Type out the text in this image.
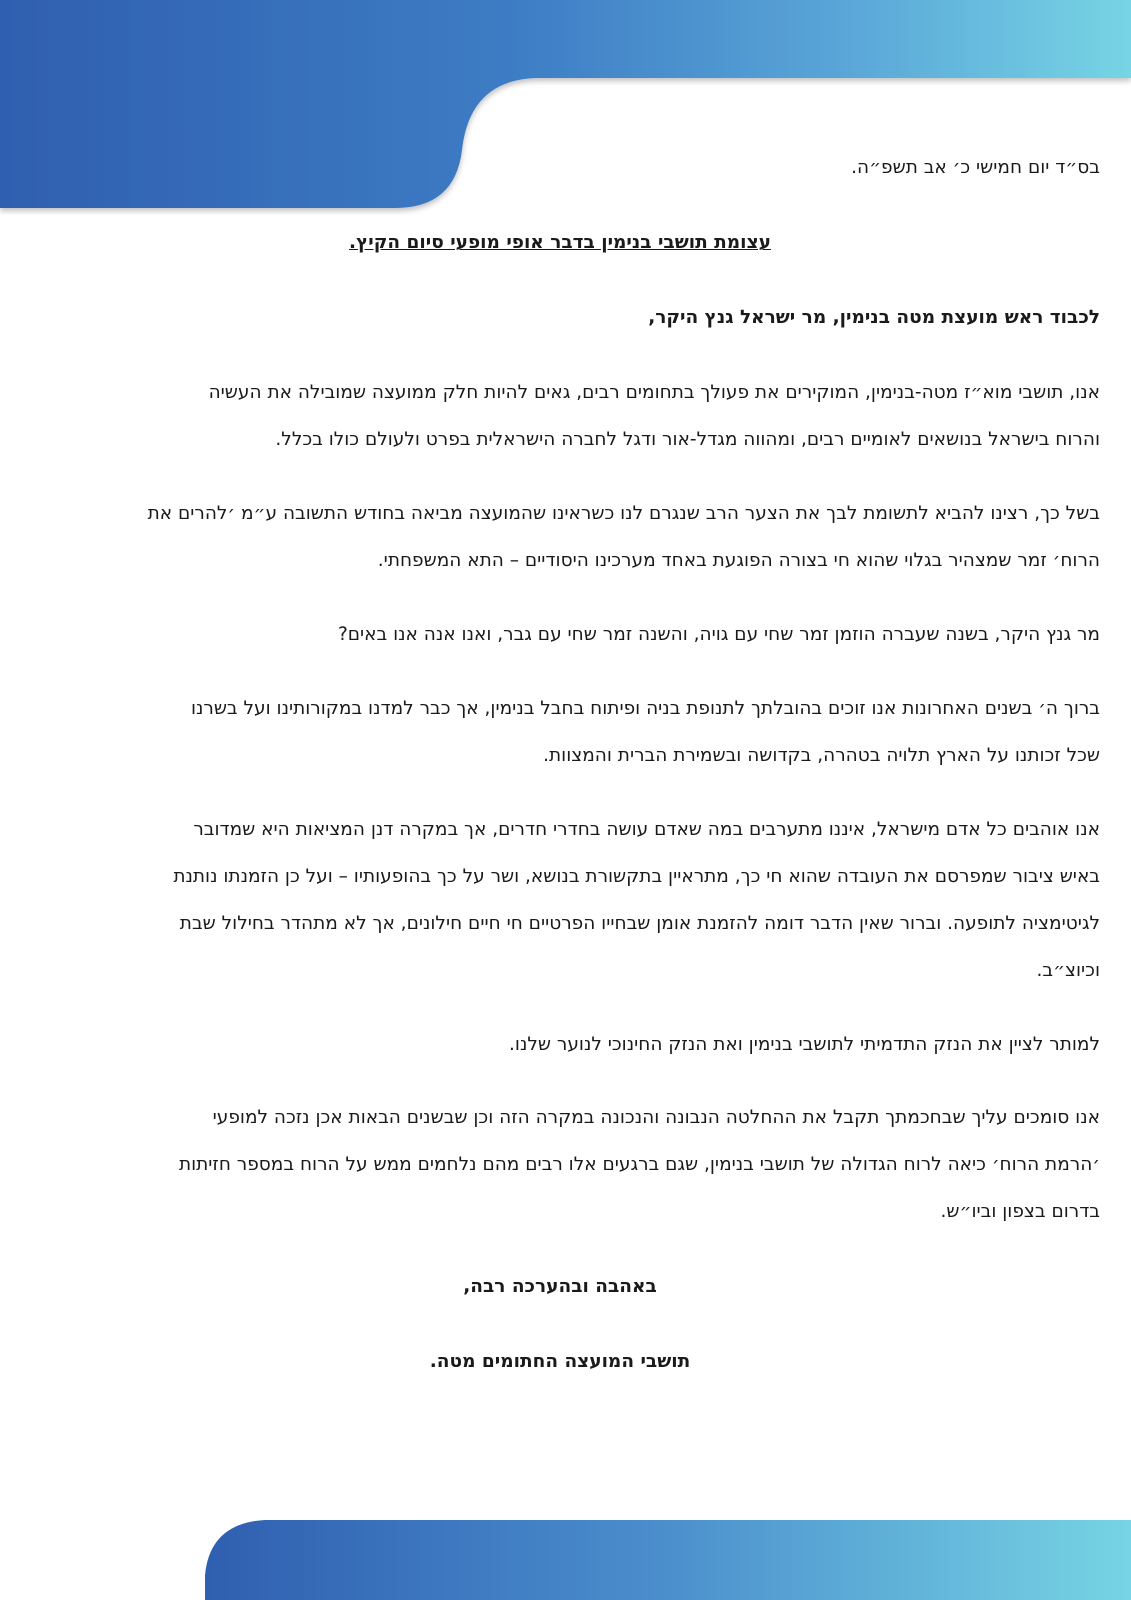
בס״ד יום חמישי כ׳ אב תשפ״ה.
עצומת תושבי בנימין בדבר אופי מופעי סיום הקיץ.
לכבוד ראש מועצת מטה בנימין, מר ישראל גנץ היקר,
אנו, תושבי מוא״ז מטה-בנימין, המוקירים את פעולך בתחומים רבים, גאים להיות חלק ממועצה שמובילה את העשיה
והרוח בישראל בנושאים לאומיים רבים, ומהווה מגדל-אור ודגל לחברה הישראלית בפרט ולעולם כולו בכלל.
בשל כך, רצינו להביא לתשומת לבך את הצער הרב שנגרם לנו כשראינו שהמועצה מביאה בחודש התשובה ע״מ ׳להרים את
הרוח׳ זמר שמצהיר בגלוי שהוא חי בצורה הפוגעת באחד מערכינו היסודיים – התא המשפחתי.
מר גנץ היקר, בשנה שעברה הוזמן זמר שחי עם גויה, והשנה זמר שחי עם גבר, ואנו אנה אנו באים?
ברוך ה׳ בשנים האחרונות אנו זוכים בהובלתך לתנופת בניה ופיתוח בחבל בנימין, אך כבר למדנו במקורותינו ועל בשרנו
שכל זכותנו על הארץ תלויה בטהרה, בקדושה ובשמירת הברית והמצוות.
אנו אוהבים כל אדם מישראל, איננו מתערבים במה שאדם עושה בחדרי חדרים, אך במקרה דנן המציאות היא שמדובר
באיש ציבור שמפרסם את העובדה שהוא חי כך, מתראיין בתקשורת בנושא, ושר על כך בהופעותיו – ועל כן הזמנתו נותנת
לגיטימציה לתופעה. וברור שאין הדבר דומה להזמנת אומן שבחייו הפרטיים חי חיים חילונים, אך לא מתהדר בחילול שבת
וכיוצ״ב.
למותר לציין את הנזק התדמיתי לתושבי בנימין ואת הנזק החינוכי לנוער שלנו.
אנו סומכים עליך שבחכמתך תקבל את ההחלטה הנבונה והנכונה במקרה הזה וכן שבשנים הבאות אכן נזכה למופעי
׳הרמת הרוח׳ כיאה לרוח הגדולה של תושבי בנימין, שגם ברגעים אלו רבים מהם נלחמים ממש על הרוח במספר חזיתות
בדרום בצפון וביו״ש.
באהבה ובהערכה רבה,
תושבי המועצה החתומים מטה.
